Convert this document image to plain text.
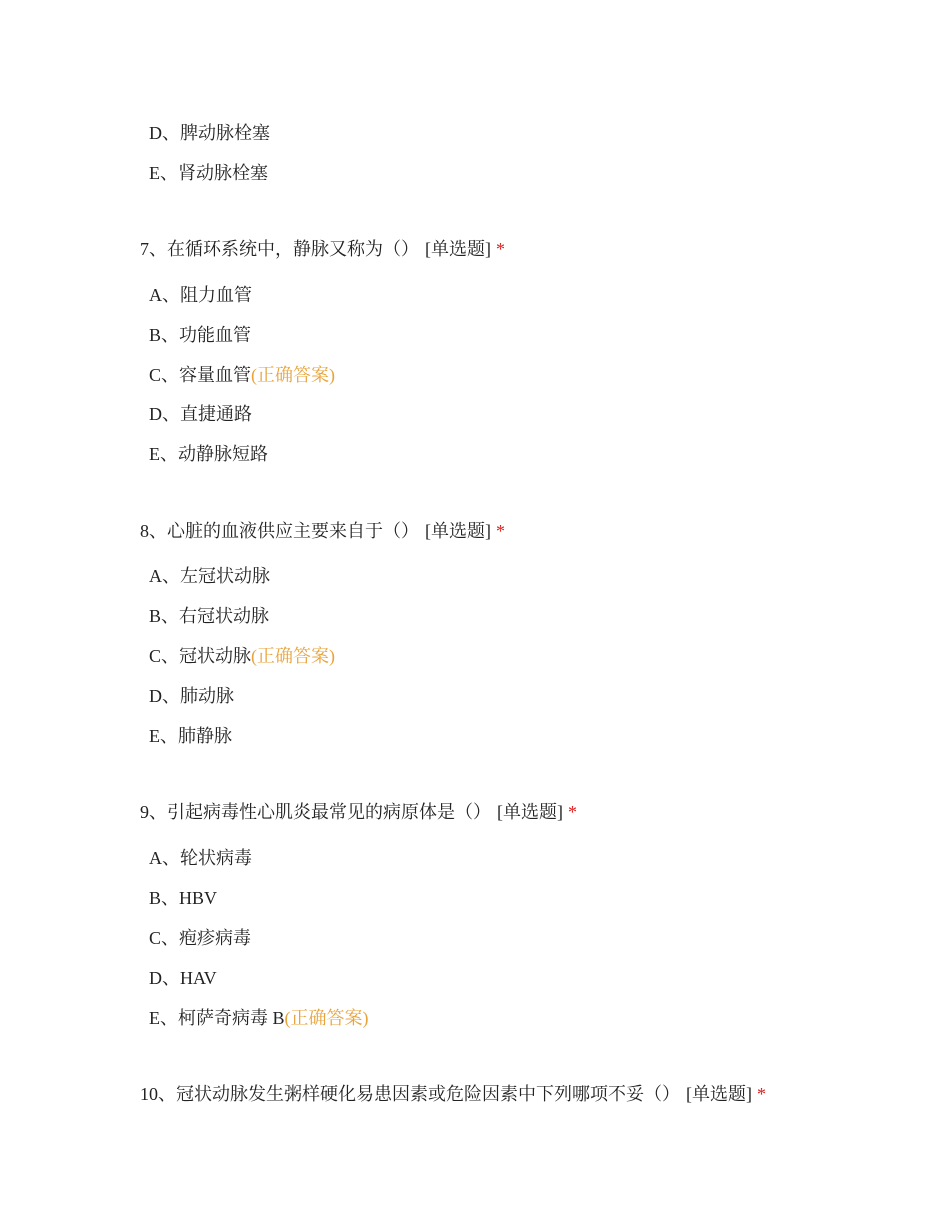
D、脾动脉栓塞
E、肾动脉栓塞
7、在循环系统中，静脉又称为（） [单选题] *
A、阻力血管
B、功能血管
C、容量血管(正确答案)
D、直捷通路
E、动静脉短路
8、心脏的血液供应主要来自于（） [单选题] *
A、左冠状动脉
B、右冠状动脉
C、冠状动脉(正确答案)
D、肺动脉
E、肺静脉
9、引起病毒性心肌炎最常见的病原体是（） [单选题] *
A、轮状病毒
B、HBV
C、疱疹病毒
D、HAV
E、柯萨奇病毒 B(正确答案)
10、冠状动脉发生粥样硬化易患因素或危险因素中下列哪项不妥（） [单选题] *
